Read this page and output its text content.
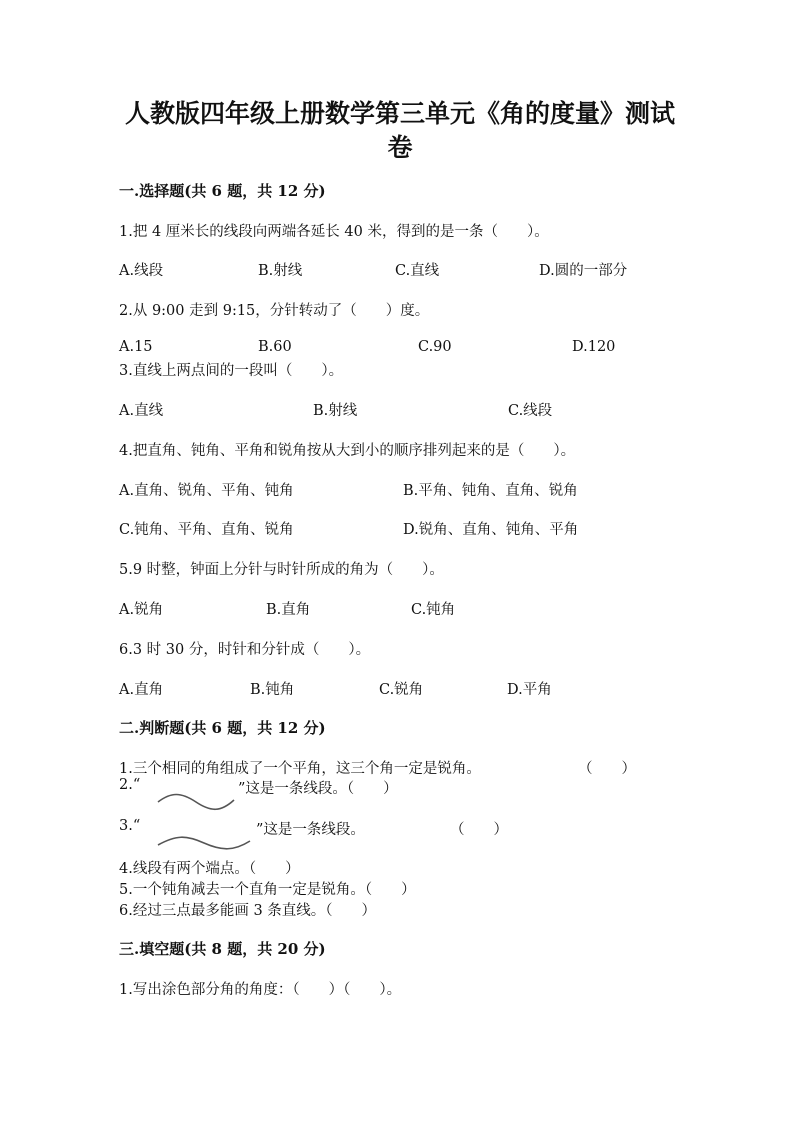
人教版四年级上册数学第三单元《角的度量》测试
卷
一.选择题(共 6 题，共 12 分)
1.把 4 厘米长的线段向两端各延长 40 米，得到的是一条（　　）。
A.线段	B.射线	C.直线	D.圆的一部分
2.从 9:00 走到 9:15，分针转动了（　　）度。
A.15	B.60	C.90	D.120
3.直线上两点间的一段叫（　　）。
A.直线	B.射线	C.线段
4.把直角、钝角、平角和锐角按从大到小的顺序排列起来的是（　　）。
A.直角、锐角、平角、钝角	B.平角、钝角、直角、锐角
C.钝角、平角、直角、锐角	D.锐角、直角、钝角、平角
5.9 时整，钟面上分针与时针所成的角为（　　）。
A.锐角	B.直角	C.钝角
6.3 时 30 分，时针和分针成（　　）。
A.直角	B.钝角	C.锐角	D.平角
二.判断题(共 6 题，共 12 分)
1.三个相同的角组成了一个平角，这三个角一定是锐角。	（　　）
2.“	”这是一条线段。（　　）
3.“	”这是一条线段。	（　　）
4.线段有两个端点。（　　）
5.一个钝角减去一个直角一定是锐角。（　　）
6.经过三点最多能画 3 条直线。（　　）
三.填空题(共 8 题，共 20 分)
1.写出涂色部分角的角度：（　　）（　　）。
